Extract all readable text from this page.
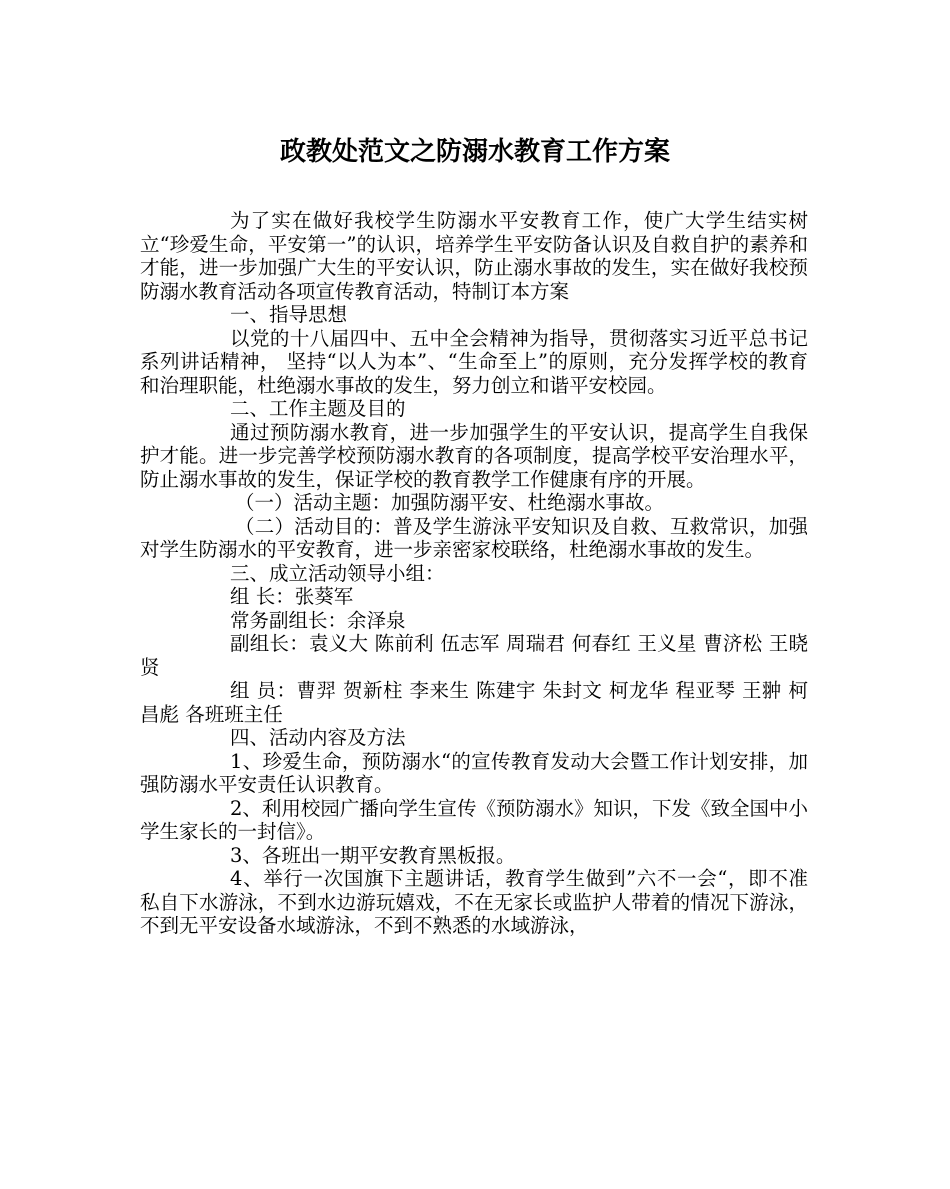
政教处范文之防溺水教育工作方案

为了实在做好我校学生防溺水平安教育工作，使广大学生结实树立“珍爱生命，平安第一”的认识，培养学生平安防备认识及自救自护的素养和才能，进一步加强广大生的平安认识，防止溺水事故的发生，实在做好我校预防溺水教育活动各项宣传教育活动，特制订本方案

一、指导思想

以党的十八届四中、五中全会精神为指导，贯彻落实习近平总书记系列讲话精神， 坚持“以人为本”、“生命至上”的原则，充分发挥学校的教育和治理职能，杜绝溺水事故的发生，努力创立和谐平安校园。

二、工作主题及目的

通过预防溺水教育，进一步加强学生的平安认识，提高学生自我保护才能。进一步完善学校预防溺水教育的各项制度，提高学校平安治理水平，防止溺水事故的发生，保证学校的教育教学工作健康有序的开展。

（一）活动主题：加强防溺平安、杜绝溺水事故。

（二）活动目的：普及学生游泳平安知识及自救、互救常识，加强对学生防溺水的平安教育，进一步亲密家校联络，杜绝溺水事故的发生。

三、成立活动领导小组：

组 长：张葵军

常务副组长：余泽泉

副组长：袁义大 陈前利 伍志军 周瑞君 何春红 王义星 曹济松 王晓贤

组 员：曹羿 贺新柱 李来生 陈建宇 朱封文 柯龙华 程亚琴 王翀 柯昌彪 各班班主任

四、活动内容及方法

1、珍爱生命，预防溺水“的宣传教育发动大会暨工作计划安排，加强防溺水平安责任认识教育。

2、利用校园广播向学生宣传《预防溺水》知识，下发《致全国中小学生家长的一封信》。

3、各班出一期平安教育黑板报。

4、举行一次国旗下主题讲话，教育学生做到”六不一会“，即不准私自下水游泳，不到水边游玩嬉戏，不在无家长或监护人带着的情况下游泳，不到无平安设备水域游泳，不到不熟悉的水域游泳，
